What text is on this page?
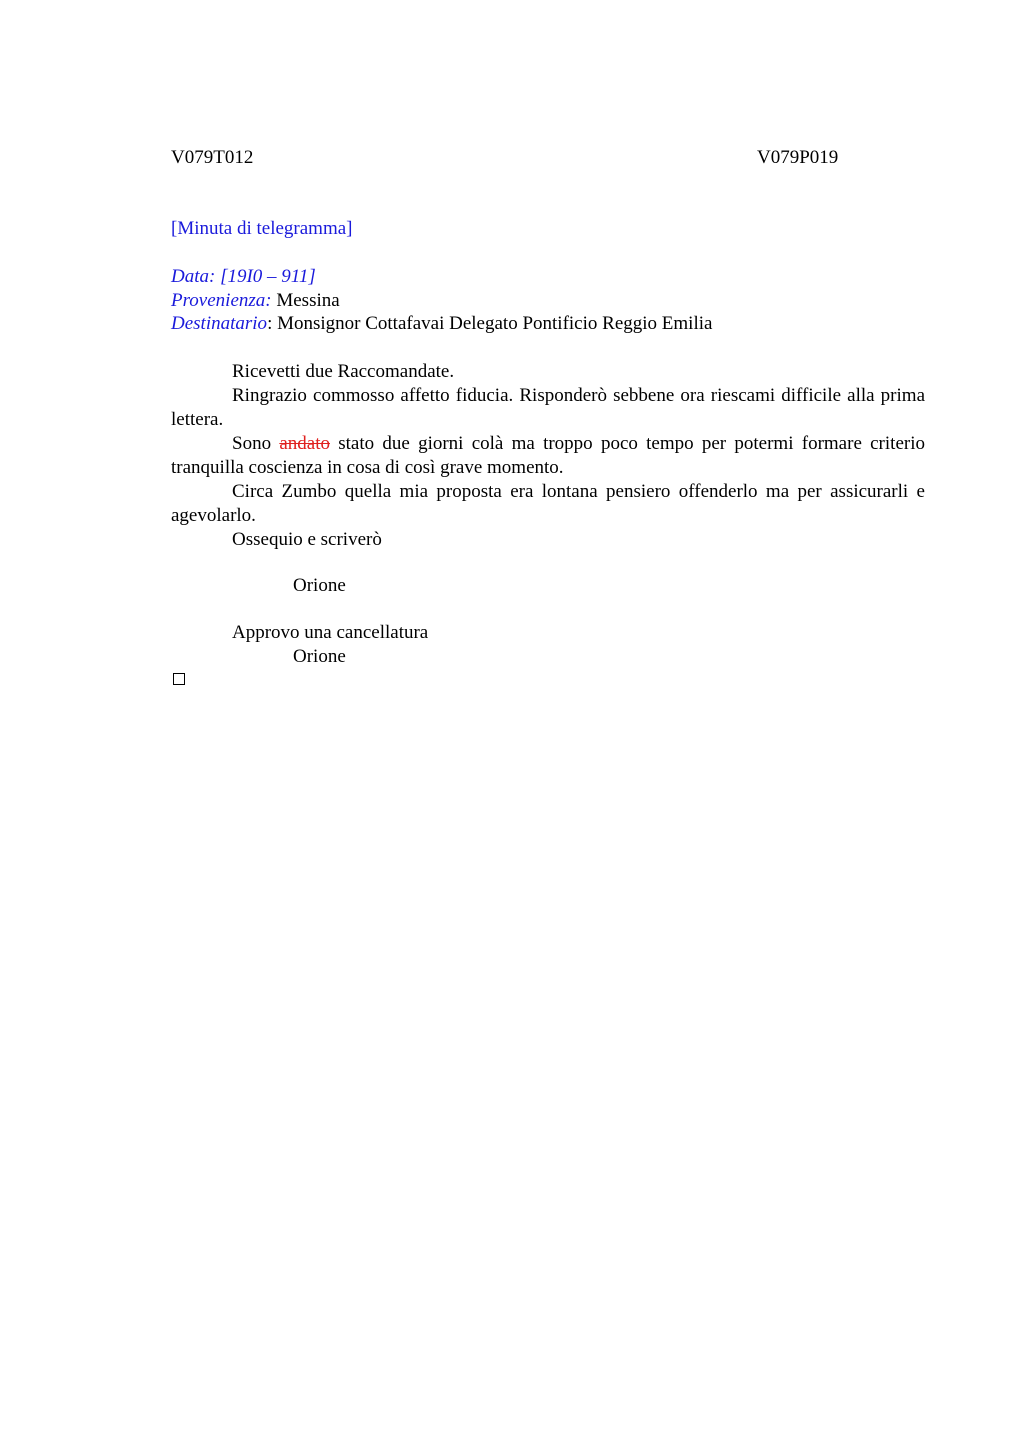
V079T012	V079P019
[Minuta di telegramma]
Data: [19I0 – 911]
Provenienza: Messina
Destinatario: Monsignor Cottafavai Delegato Pontificio Reggio Emilia

Ricevetti due Raccomandate.

Ringrazio commosso affetto fiducia. Risponderò sebbene ora riescami difficile alla prima lettera.

Sono andato stato due giorni colà ma troppo poco tempo per potermi formare criterio tranquilla coscienza in cosa di così grave momento.

Circa Zumbo quella mia proposta era lontana pensiero offenderlo ma per assicurarli e agevolarlo.

Ossequio e scriverò

Orione
Approvo una cancellatura
Orione
